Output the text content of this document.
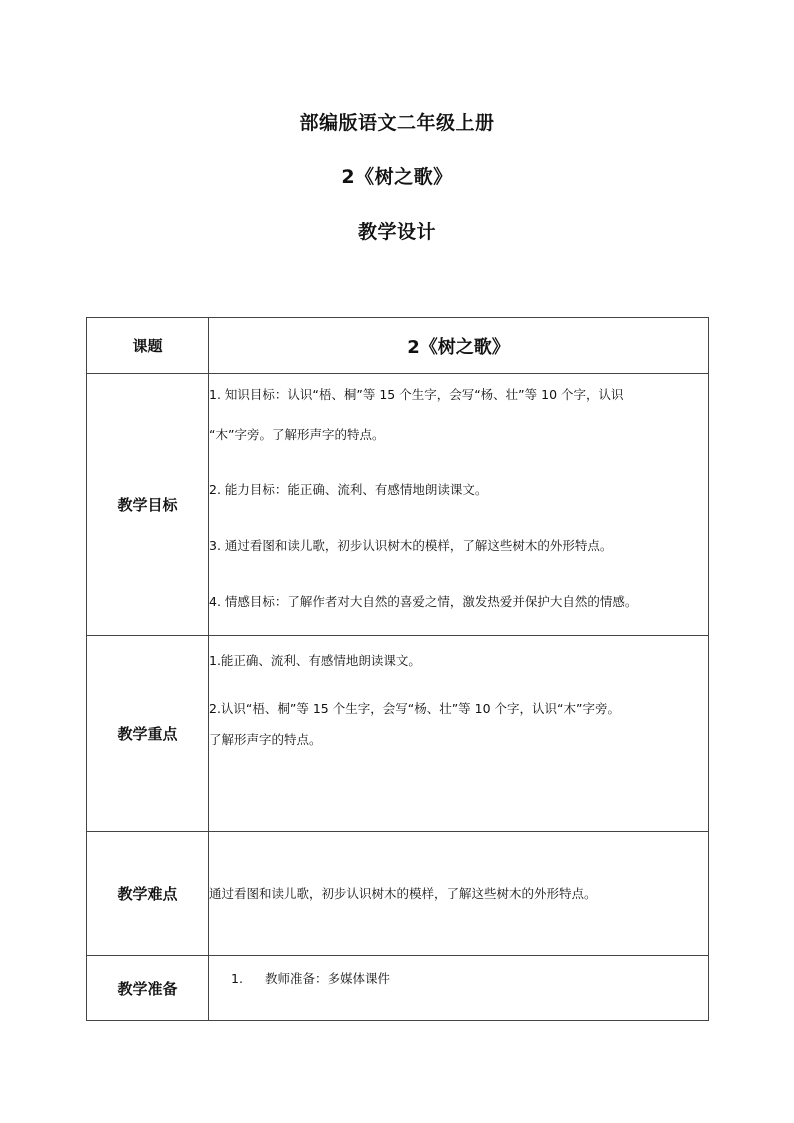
部编版语文二年级上册
2《树之歌》
教学设计
课题	2《树之歌》
教学目标	1. 知识目标：认识“梧、桐”等 15 个生字，会写“杨、壮”等 10 个字，认识

“木”字旁。了解形声字的特点。

2. 能力目标：能正确、流利、有感情地朗读课文。

3. 通过看图和读儿歌，初步认识树木的模样，了解这些树木的外形特点。

4. 情感目标：了解作者对大自然的喜爱之情，激发热爱并保护大自然的情感。

教学重点	1.能正确、流利、有感情地朗读课文。

2.认识“梧、桐”等 15 个生字，会写“杨、壮”等 10 个字，认识“木”字旁。

了解形声字的特点。

教学难点	通过看图和读儿歌，初步认识树木的模样，了解这些树木的外形特点。
教学准备	1. 教师准备：多媒体课件
